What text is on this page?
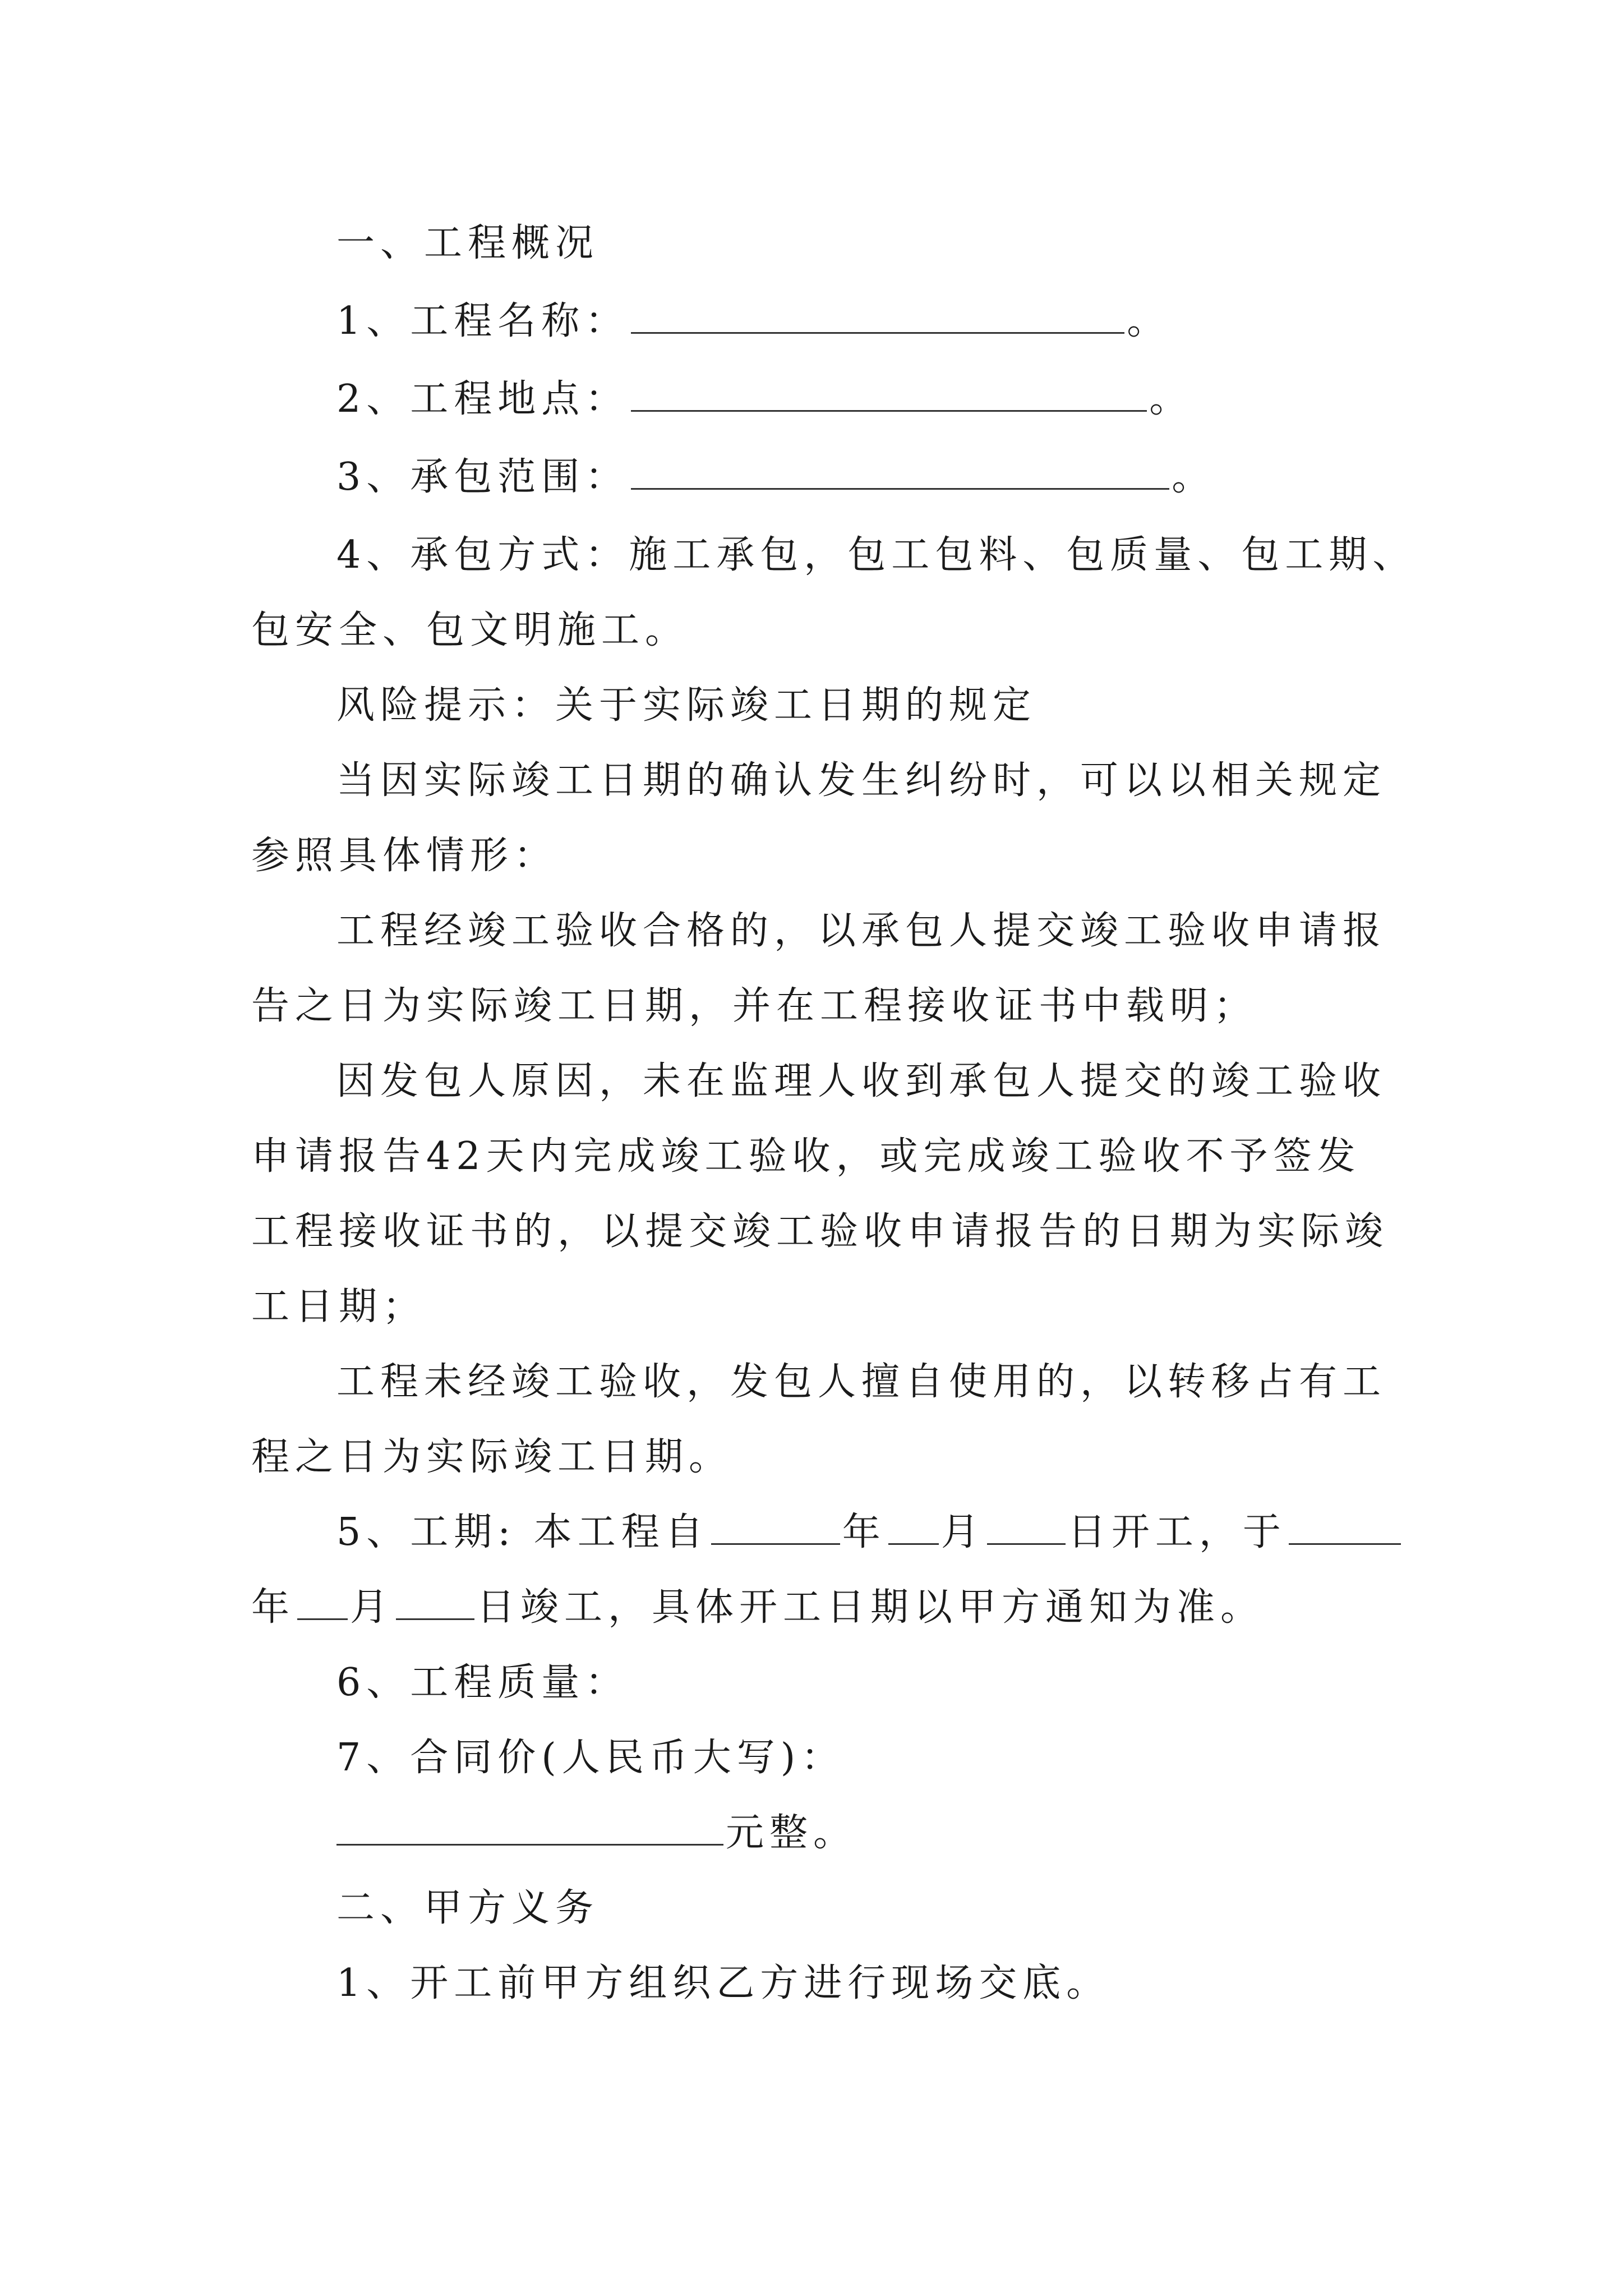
一、工程概况
1、工程名称：	。
2、工程地点：	。
3、承包范围：	。
4、承包方式：施工承包，包工包料、包质量、包工期、
包安全、包文明施工。
风险提示：关于实际竣工日期的规定
当因实际竣工日期的确认发生纠纷时，可以以相关规定
参照具体情形：
工程经竣工验收合格的，以承包人提交竣工验收申请报
告之日为实际竣工日期，并在工程接收证书中载明；
因发包人原因，未在监理人收到承包人提交的竣工验收
申请报告42天内完成竣工验收，或完成竣工验收不予签发
工程接收证书的，以提交竣工验收申请报告的日期为实际竣
工日期；
工程未经竣工验收，发包人擅自使用的，以转移占有工
程之日为实际竣工日期。
5、工期: 本工程自	年 月 日开工，于
年 月 日竣工，具体开工日期以甲方通知为准。
6、工程质量：
7、合同价(人民币大写)：
元整。
二、甲方义务
1、开工前甲方组织乙方进行现场交底。
